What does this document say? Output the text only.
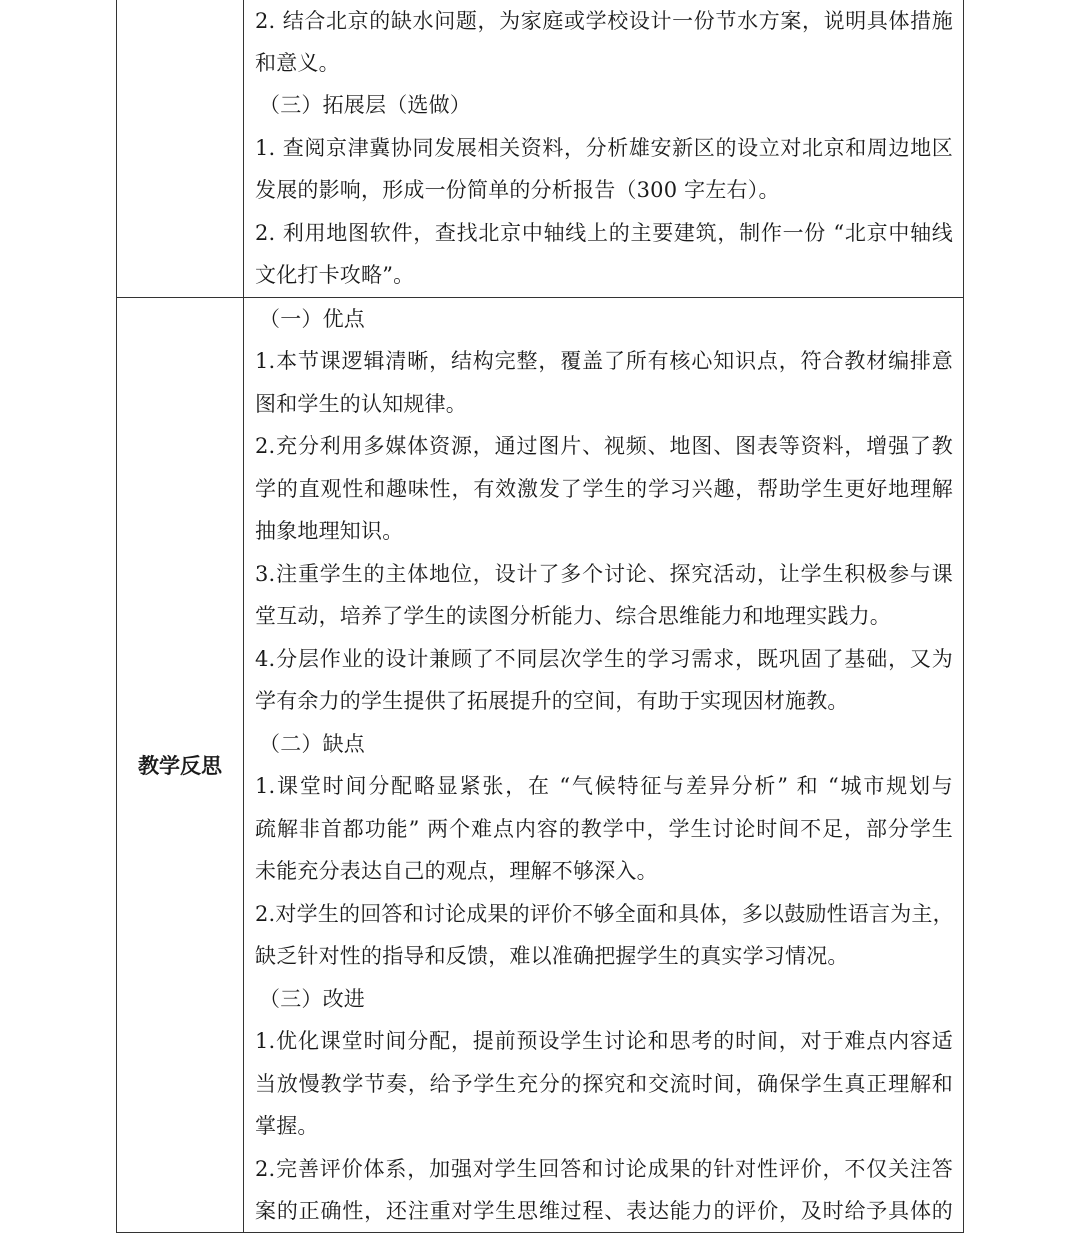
2. 结合北京的缺水问题，为家庭或学校设计一份节水方案，说明具体措施
和意义。
（三）拓展层（选做）
1. 查阅京津冀协同发展相关资料，分析雄安新区的设立对北京和周边地区
发展的影响，形成一份简单的分析报告（300 字左右）。
2. 利用地图软件，查找北京中轴线上的主要建筑，制作一份 “北京中轴线
文化打卡攻略”。
教学反思
（一）优点
1.本节课逻辑清晰，结构完整，覆盖了所有核心知识点，符合教材编排意
图和学生的认知规律。
2.充分利用多媒体资源，通过图片、视频、地图、图表等资料，增强了教
学的直观性和趣味性，有效激发了学生的学习兴趣，帮助学生更好地理解
抽象地理知识。
3.注重学生的主体地位，设计了多个讨论、探究活动，让学生积极参与课
堂互动，培养了学生的读图分析能力、综合思维能力和地理实践力。
4.分层作业的设计兼顾了不同层次学生的学习需求，既巩固了基础，又为
学有余力的学生提供了拓展提升的空间，有助于实现因材施教。
（二）缺点
1.课堂时间分配略显紧张，在 “气候特征与差异分析” 和 “城市规划与
疏解非首都功能” 两个难点内容的教学中，学生讨论时间不足，部分学生
未能充分表达自己的观点，理解不够深入。
2.对学生的回答和讨论成果的评价不够全面和具体，多以鼓励性语言为主，
缺乏针对性的指导和反馈，难以准确把握学生的真实学习情况。
（三）改进
1.优化课堂时间分配，提前预设学生讨论和思考的时间，对于难点内容适
当放慢教学节奏，给予学生充分的探究和交流时间，确保学生真正理解和
掌握。
2.完善评价体系，加强对学生回答和讨论成果的针对性评价，不仅关注答
案的正确性，还注重对学生思维过程、表达能力的评价，及时给予具体的
